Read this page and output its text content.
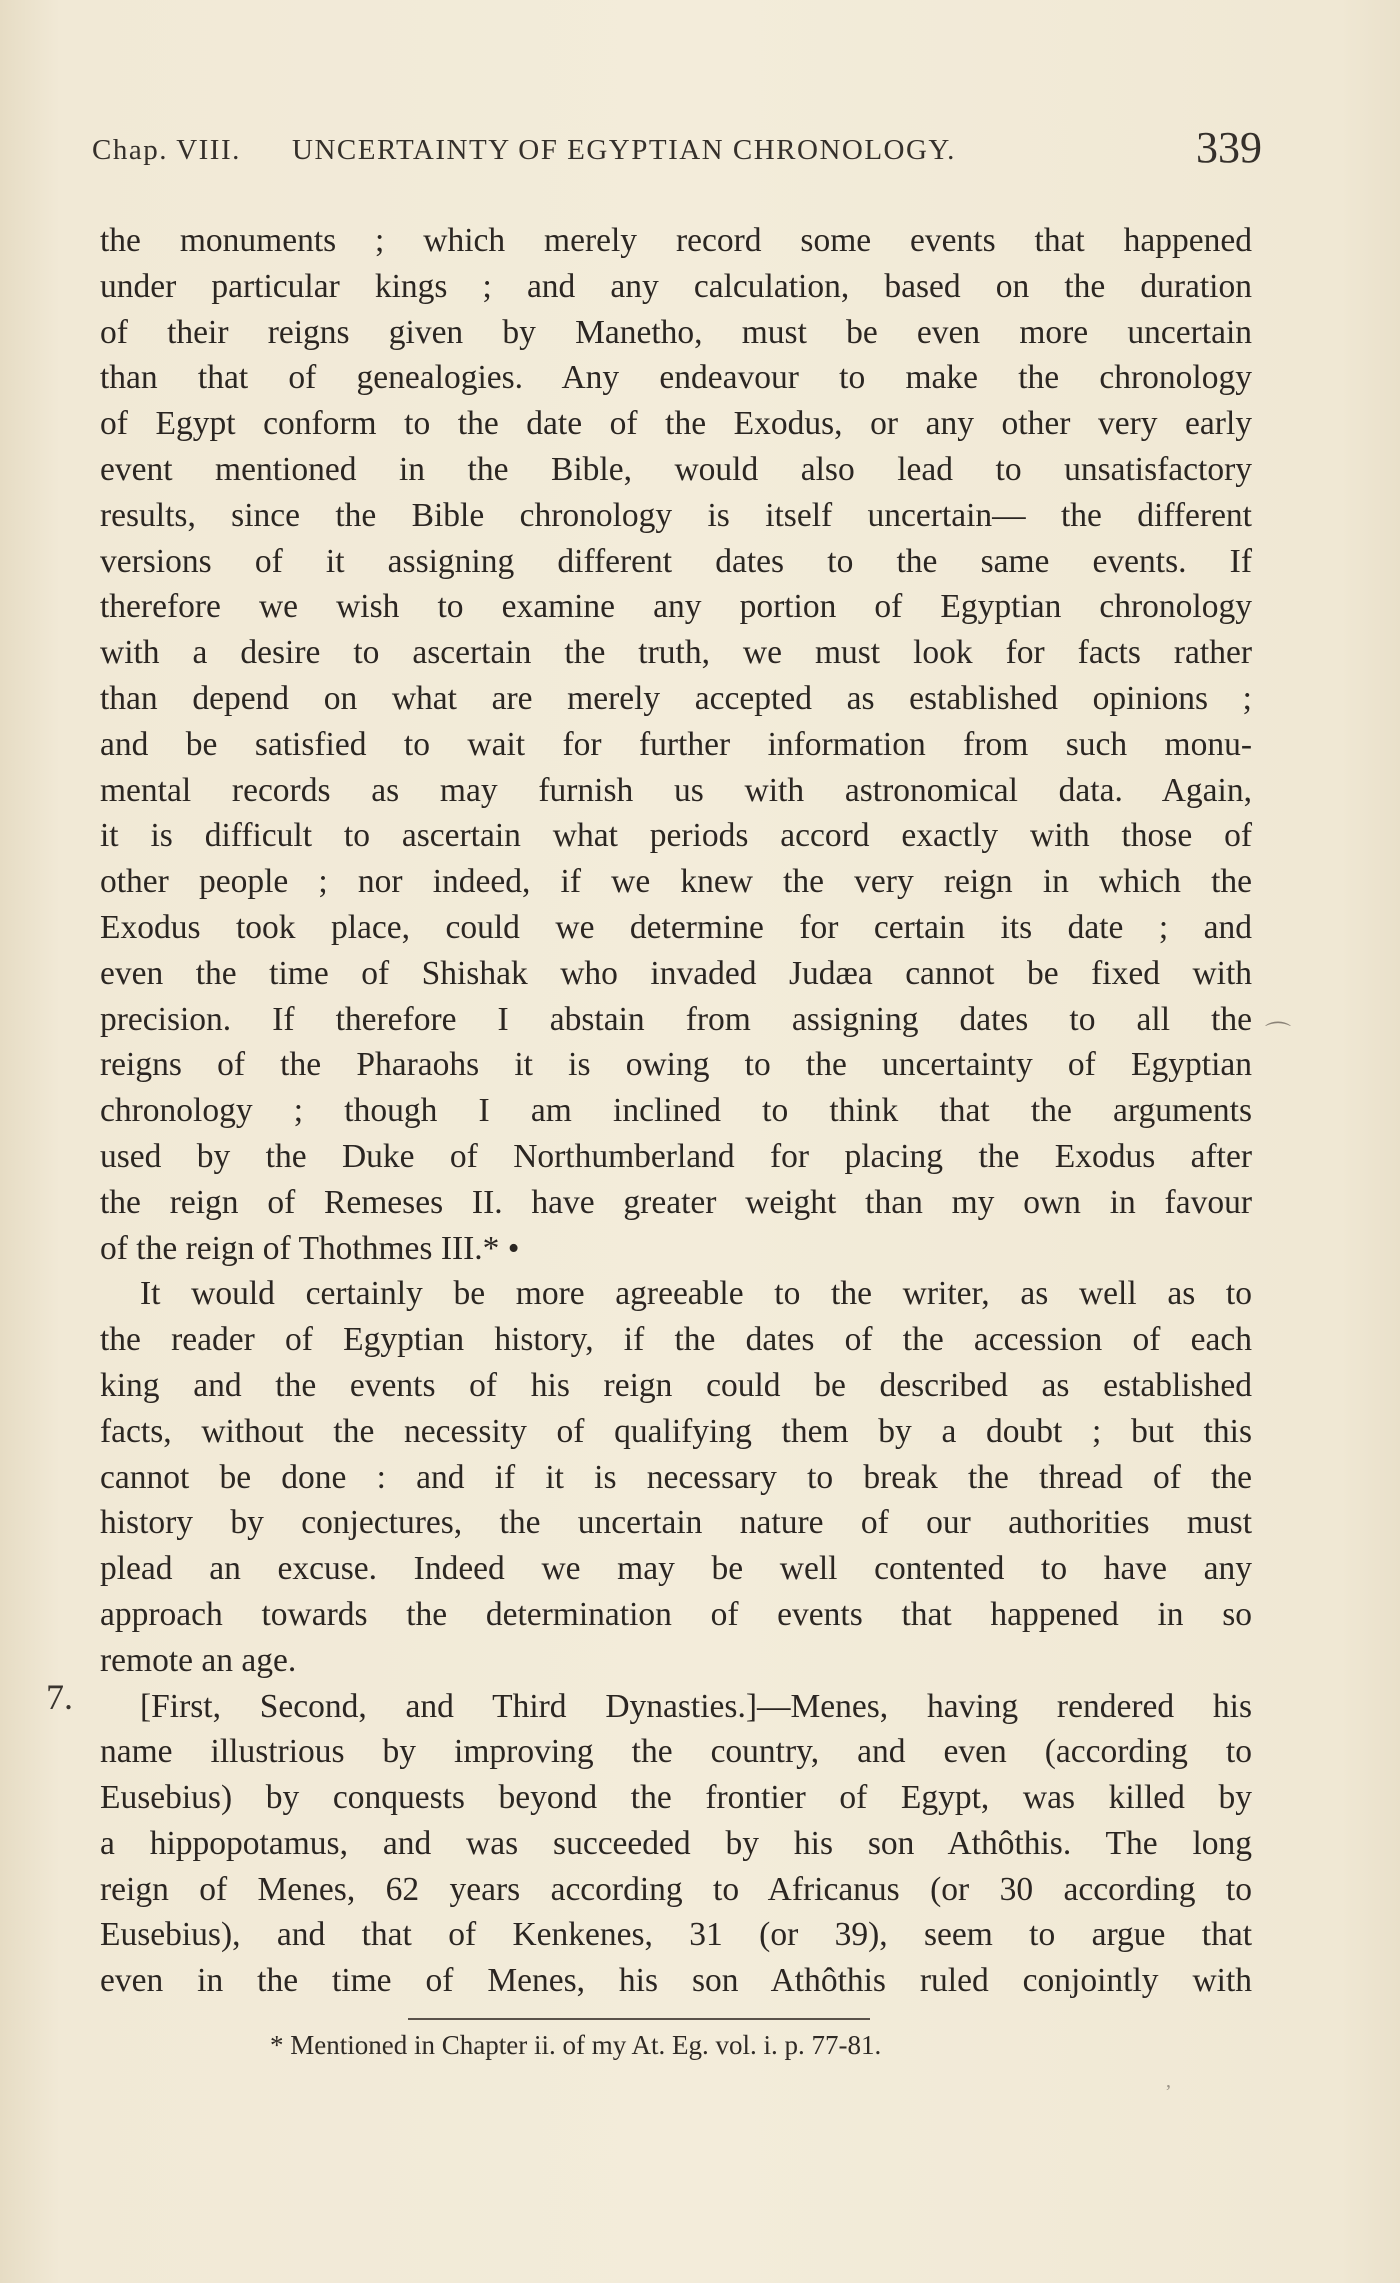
Chap. VIII. UNCERTAINTY OF EGYPTIAN CHRONOLOGY.	339
the monuments ; which merely record some events that happened
under particular kings ; and any calculation, based on the duration
of their reigns given by Manetho, must be even more uncertain
than that of genealogies. Any endeavour to make the chronology
of Egypt conform to the date of the Exodus, or any other very early
event mentioned in the Bible, would also lead to unsatisfactory
results, since the Bible chronology is itself uncertain— the different
versions of it assigning different dates to the same events. If
therefore we wish to examine any portion of Egyptian chronology
with a desire to ascertain the truth, we must look for facts rather
than depend on what are merely accepted as established opinions ;
and be satisfied to wait for further information from such monu-
mental records as may furnish us with astronomical data. Again,
it is difficult to ascertain what periods accord exactly with those of
other people ; nor indeed, if we knew the very reign in which the
Exodus took place, could we determine for certain its date ; and
even the time of Shishak who invaded Judæa cannot be fixed with
precision. If therefore I abstain from assigning dates to all the
reigns of the Pharaohs it is owing to the uncertainty of Egyptian
chronology ; though I am inclined to think that the arguments
used by the Duke of Northumberland for placing the Exodus after
the reign of Remeses II. have greater weight than my own in favour
of the reign of Thothmes III.* •
It would certainly be more agreeable to the writer, as well as to
the reader of Egyptian history, if the dates of the accession of each
king and the events of his reign could be described as established
facts, without the necessity of qualifying them by a doubt ; but this
cannot be done : and if it is necessary to break the thread of the
history by conjectures, the uncertain nature of our authorities must
plead an excuse. Indeed we may be well contented to have any
approach towards the determination of events that happened in so
remote an age.
[First, Second, and Third Dynasties.]—Menes, having rendered his
name illustrious by improving the country, and even (according to
Eusebius) by conquests beyond the frontier of Egypt, was killed by
a hippopotamus, and was succeeded by his son Athôthis. The long
reign of Menes, 62 years according to Africanus (or 30 according to
Eusebius), and that of Kenkenes, 31 (or 39), seem to argue that
even in the time of Menes, his son Athôthis ruled conjointly with
7.
* Mentioned in Chapter ii. of my At. Eg. vol. i. p. 77-81.
⌒
‚
